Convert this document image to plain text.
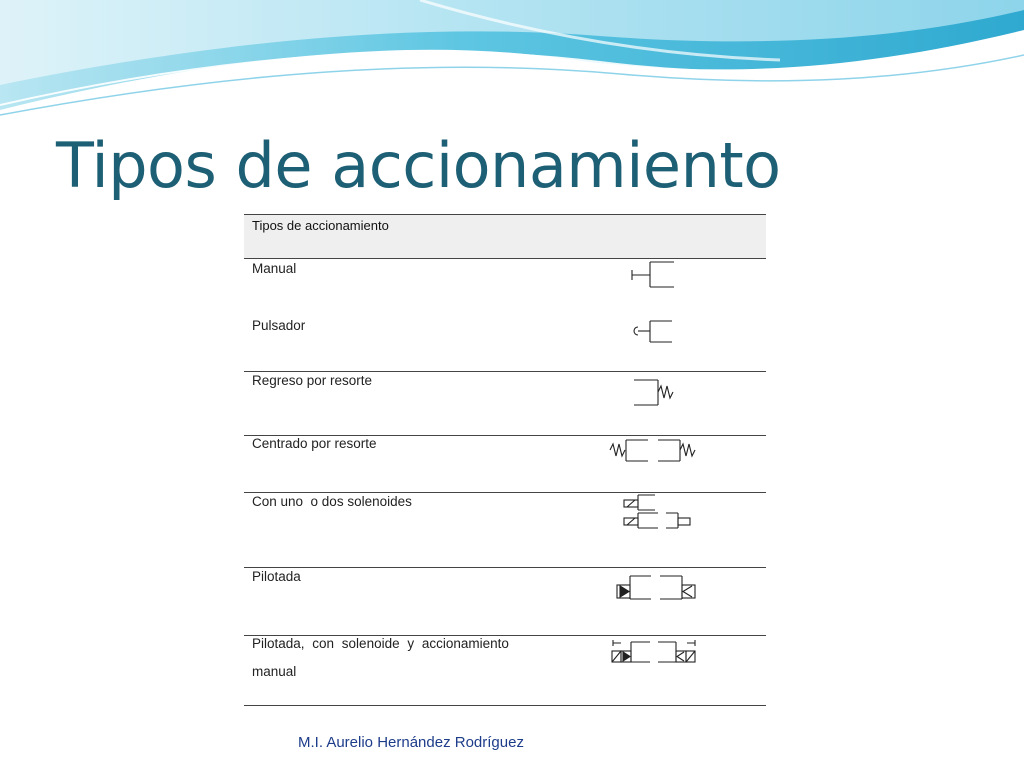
Tipos de accionamiento
Tipos de accionamiento
Manual
Pulsador
Regreso por resorte
Centrado por resorte
Con uno  o dos solenoides
Pilotada
Pilotada, con solenoide y accionamiento manual
M.I. Aurelio Hernández Rodríguez
